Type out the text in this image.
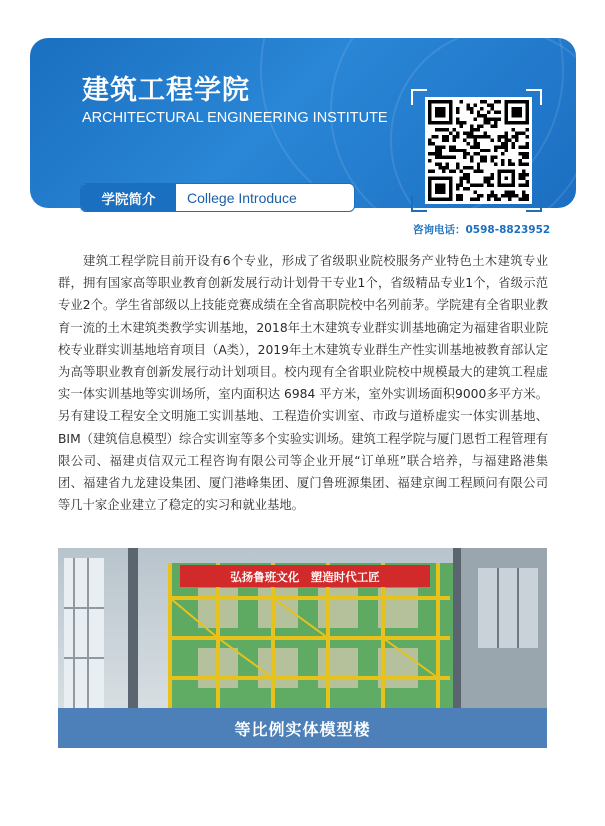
建筑工程学院
ARCHITECTURAL ENGINEERING INSTITUTE
学院简介	College Introduce
咨询电话：0598-8823952
建筑工程学院目前开设有6个专业，形成了省级职业院校服务产业特色土木建筑专业群，拥有国家高等职业教育创新发展行动计划骨干专业1个，省级精品专业1个，省级示范专业2个。学生省部级以上技能竞赛成绩在全省高职院校中名列前茅。学院建有全省职业教育一流的土木建筑类教学实训基地，2018年土木建筑专业群实训基地确定为福建省职业院校专业群实训基地培育项目（A类），2019年土木建筑专业群生产性实训基地被教育部认定为高等职业教育创新发展行动计划项目。校内现有全省职业院校中规模最大的建筑工程虚实一体实训基地等实训场所，室内面积达 6984 平方米，室外实训场面积9000多平方米。另有建设工程安全文明施工实训基地、工程造价实训室、市政与道桥虚实一体实训基地、BIM（建筑信息模型）综合实训室等多个实验实训场。建筑工程学院与厦门恩哲工程管理有限公司、福建贞信双元工程咨询有限公司等企业开展“订单班”联合培养，与福建路港集团、福建省九龙建设集团、厦门港峰集团、厦门鲁班源集团、福建京闽工程顾问有限公司等几十家企业建立了稳定的实习和就业基地。
弘扬鲁班文化　塑造时代工匠
等比例实体模型楼
